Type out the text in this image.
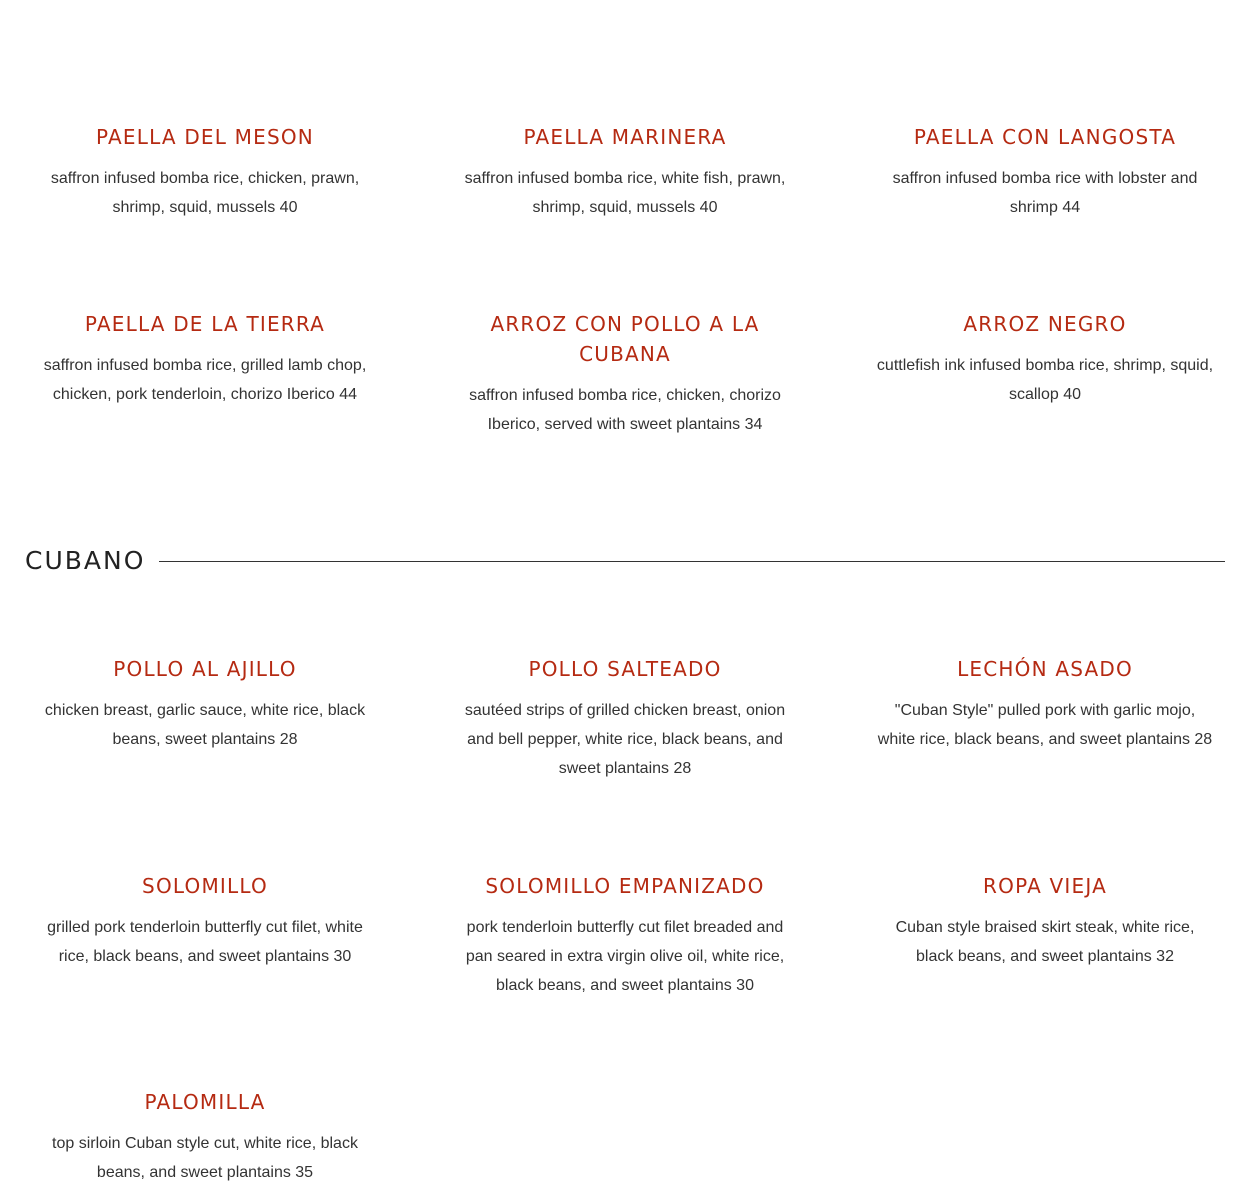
PAELLA DEL MESON

saffron infused bomba rice, chicken, prawn, shrimp, squid, mussels 40

PAELLA MARINERA

saffron infused bomba rice, white fish, prawn, shrimp, squid, mussels 40

PAELLA CON LANGOSTA

saffron infused bomba rice with lobster and shrimp 44

PAELLA DE LA TIERRA

saffron infused bomba rice, grilled lamb chop, chicken, pork tenderloin, chorizo Iberico 44

ARROZ CON POLLO A LA CUBANA

saffron infused bomba rice, chicken, chorizo Iberico, served with sweet plantains 34

ARROZ NEGRO

cuttlefish ink infused bomba rice, shrimp, squid, scallop 40

CUBANO
POLLO AL AJILLO

chicken breast, garlic sauce, white rice, black beans, sweet plantains 28

POLLO SALTEADO

sautéed strips of grilled chicken breast, onion and bell pepper, white rice, black beans, and sweet plantains 28

LECHÓN ASADO

"Cuban Style" pulled pork with garlic mojo, white rice, black beans, and sweet plantains 28

SOLOMILLO

grilled pork tenderloin butterfly cut filet, white rice, black beans, and sweet plantains 30

SOLOMILLO EMPANIZADO

pork tenderloin butterfly cut filet breaded and pan seared in extra virgin olive oil, white rice, black beans, and sweet plantains 30

ROPA VIEJA

Cuban style braised skirt steak, white rice, black beans, and sweet plantains 32

PALOMILLA

top sirloin Cuban style cut, white rice, black beans, and sweet plantains 35
